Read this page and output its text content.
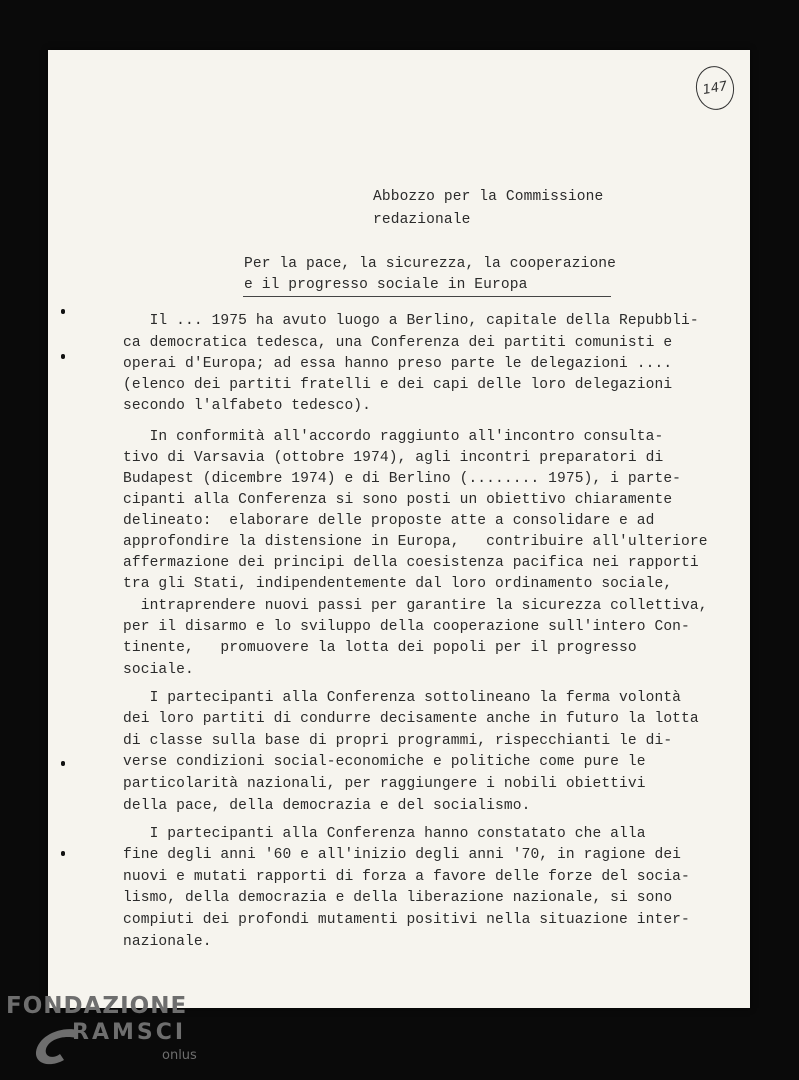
147
Abbozzo per la Commissione
redazionale
Per la pace, la sicurezza, la cooperazione
e il progresso sociale in Europa
Il ... 1975 ha avuto luogo a Berlino, capitale della Repubbli-
ca democratica tedesca, una Conferenza dei partiti comunisti e
operai d'Europa; ad essa hanno preso parte le delegazioni ....
(elenco dei partiti fratelli e dei capi delle loro delegazioni
secondo l'alfabeto tedesco).
In conformità all'accordo raggiunto all'incontro consulta-
tivo di Varsavia (ottobre 1974), agli incontri preparatori di
Budapest (dicembre 1974) e di Berlino (........ 1975), i parte-
cipanti alla Conferenza si sono posti un obiettivo chiaramente
delineato:  elaborare delle proposte atte a consolidare e ad
approfondire la distensione in Europa,   contribuire all'ulteriore
affermazione dei principi della coesistenza pacifica nei rapporti
tra gli Stati, indipendentemente dal loro ordinamento sociale,
intraprendere nuovi passi per garantire la sicurezza collettiva,
per il disarmo e lo sviluppo della cooperazione sull'intero Con-
tinente,   promuovere la lotta dei popoli per il progresso
sociale.
I partecipanti alla Conferenza sottolineano la ferma volontà
dei loro partiti di condurre decisamente anche in futuro la lotta
di classe sulla base di propri programmi, rispecchianti le di-
verse condizioni social-economiche e politiche come pure le
particolarità nazionali, per raggiungere i nobili obiettivi
della pace, della democrazia e del socialismo.
I partecipanti alla Conferenza hanno constatato che alla
fine degli anni '60 e all'inizio degli anni '70, in ragione dei
nuovi e mutati rapporti di forza a favore delle forze del socia-
lismo, della democrazia e della liberazione nazionale, si sono
compiuti dei profondi mutamenti positivi nella situazione inter-
nazionale.
FONDAZIONE
RAMSCI
onlus
